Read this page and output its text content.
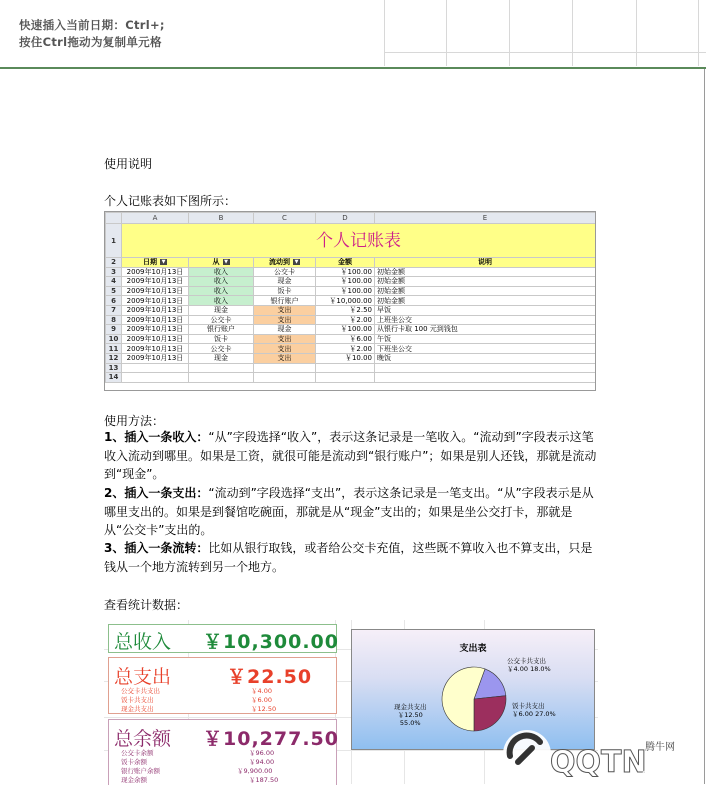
快速插入当前日期：Ctrl+;
按住Ctrl拖动为复制单元格
使用说明
个人记账表如下图所示：
	A	B	C	D	E
1	个人记账表				
2	日期 ▼	从 ▼	流动到 ▼	金额	说明
3	2009年10月13日	收入	公交卡	￥100.00	初始金额
4	2009年10月13日	收入	现金	￥100.00	初始金额
5	2009年10月13日	收入	饭卡	￥100.00	初始金额
6	2009年10月13日	收入	银行账户	￥10,000.00	初始金额
7	2009年10月13日	现金	支出	￥2.50	早饭
8	2009年10月13日	公交卡	支出	￥2.00	上班坐公交
9	2009年10月13日	银行账户	现金	￥100.00	从银行卡取 100 元到钱包
10	2009年10月13日	饭卡	支出	￥6.00	午饭
11	2009年10月13日	公交卡	支出	￥2.00	下班坐公交
12	2009年10月13日	现金	支出	￥10.00	晚饭
13					
14					
使用方法：
1、插入一条收入：“从”字段选择“收入”，表示这条记录是一笔收入。“流动到”字段表示这笔收入流动到哪里。如果是工资，就很可能是流动到“银行账户”；如果是别人还钱，那就是流动到“现金”。
2、插入一条支出：“流动到”字段选择“支出”，表示这条记录是一笔支出。“从”字段表示是从哪里支出的。如果是到餐馆吃碗面，那就是从“现金”支出的；如果是坐公交打卡，那就是从“公交卡”支出的。
3、插入一条流转：比如从银行取钱，或者给公交卡充值，这些既不算收入也不算支出，只是钱从一个地方流转到另一个地方。
查看统计数据：
总收入 ￥10,300.00
总支出	￥22.50
公交卡共支出	￥4.00
饭卡共支出	￥6.00
现金共支出	￥12.50
总余额 ￥10,277.50
公交卡余额	￥96.00
饭卡余额	￥94.00
银行账户余额	￥9,900.00
现金余额	￥187.50
支出表
公交卡共支出
￥4.00 18.0%
饭卡共支出
￥6.00 27.0%
现金共支出
￥12.50
55.0%
QQTN
腾牛网
QQTN.com
